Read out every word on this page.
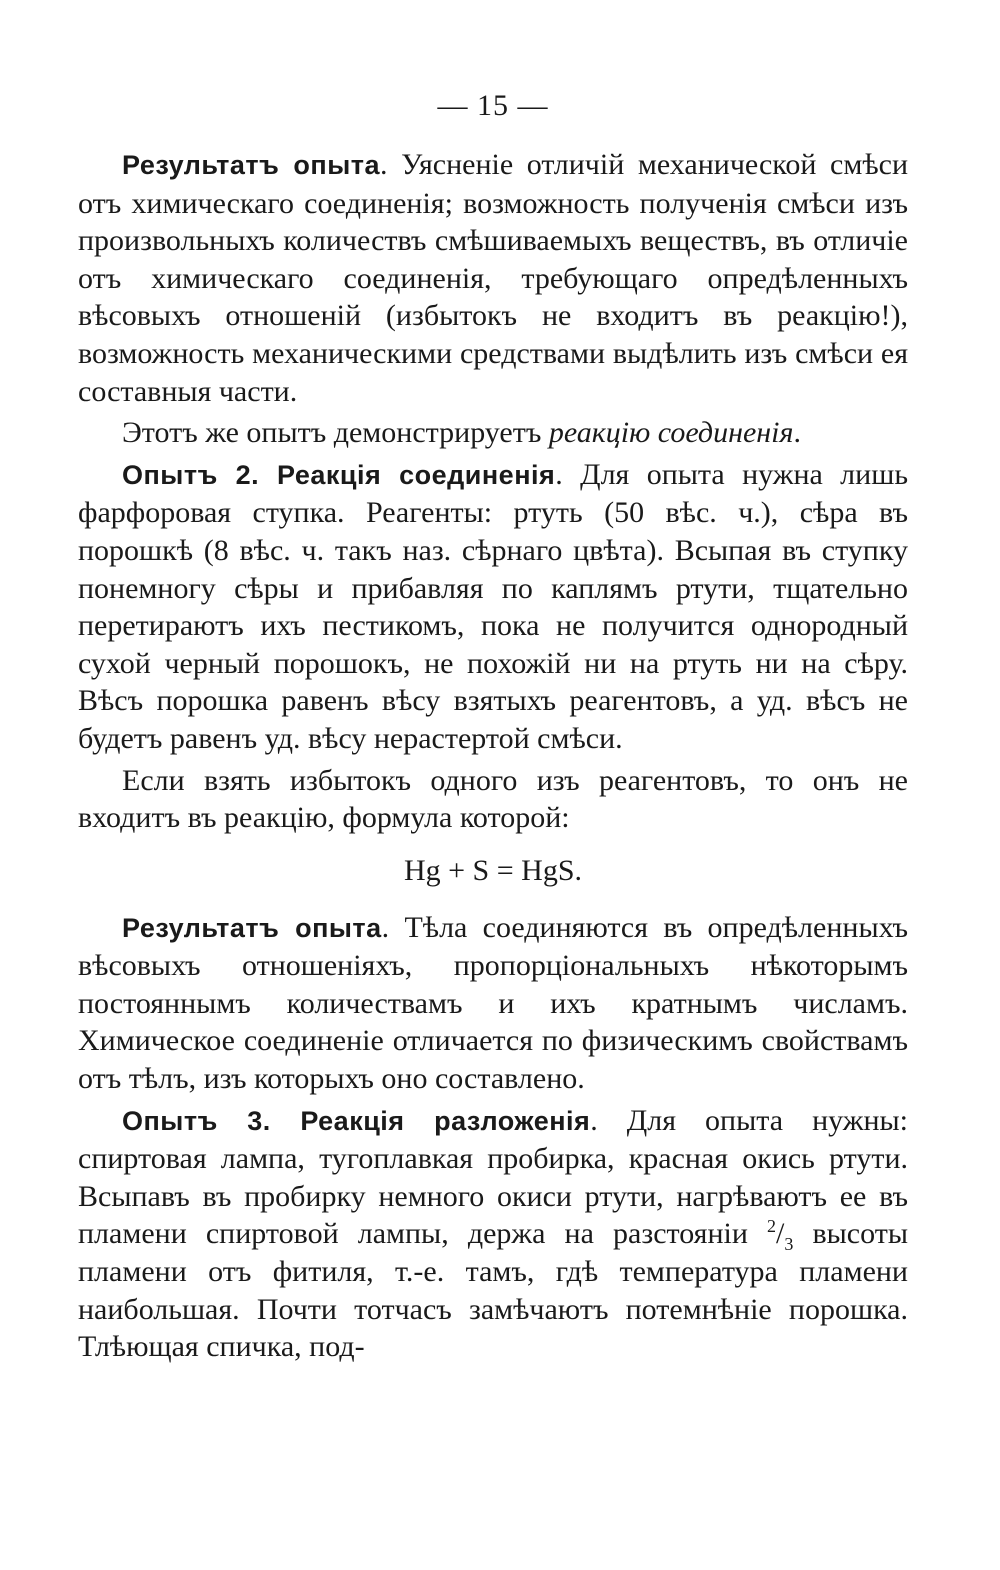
— 15 —

Результатъ опыта. Уясненіе отличій механической смѣси отъ химическаго соединенія; возможность полученія смѣси изъ произвольныхъ количествъ смѣшиваемыхъ веществъ, въ отличіе отъ химическаго соединенія, требующаго опредѣленныхъ вѣсовыхъ отношеній (избытокъ не входитъ въ реакцію!), возможность механическими средствами выдѣлить изъ смѣси ея составныя части.

Этотъ же опытъ демонстрируетъ реакцію соединенія.

Опытъ 2. Реакція соединенія. Для опыта нужна лишь фарфоровая ступка. Реагенты: ртуть (50 вѣс. ч.), сѣра въ порошкѣ (8 вѣс. ч. такъ наз. сѣрнаго цвѣта). Всыпая въ ступку понемногу сѣры и прибавляя по каплямъ ртути, тщательно перетираютъ ихъ пестикомъ, пока не получится однородный сухой черный порошокъ, не похожій ни на ртуть ни на сѣру. Вѣсъ порошка равенъ вѣсу взятыхъ реагентовъ, а уд. вѣсъ не будетъ равенъ уд. вѣсу нерастертой смѣси.

Если взять избытокъ одного изъ реагентовъ, то онъ не входитъ въ реакцію, формула которой:

Hg + S = HgS.

Результатъ опыта. Тѣла соединяются въ опредѣленныхъ вѣсовыхъ отношеніяхъ, пропорціональныхъ нѣкоторымъ постояннымъ количествамъ и ихъ кратнымъ числамъ. Химическое соединеніе отличается по физическимъ свойствамъ отъ тѣлъ, изъ которыхъ оно составлено.

Опытъ 3. Реакція разложенія. Для опыта нужны: спиртовая лампа, тугоплавкая пробирка, красная окись ртути. Всыпавъ въ пробирку немного окиси ртути, нагрѣваютъ ее въ пламени спиртовой лампы, держа на разстояніи $^2/_3$ высоты пламени отъ фитиля, т.-е. тамъ, гдѣ температура пламени наибольшая. Почти тотчасъ замѣчаютъ потемнѣніе порошка. Тлѣющая спичка, под-
